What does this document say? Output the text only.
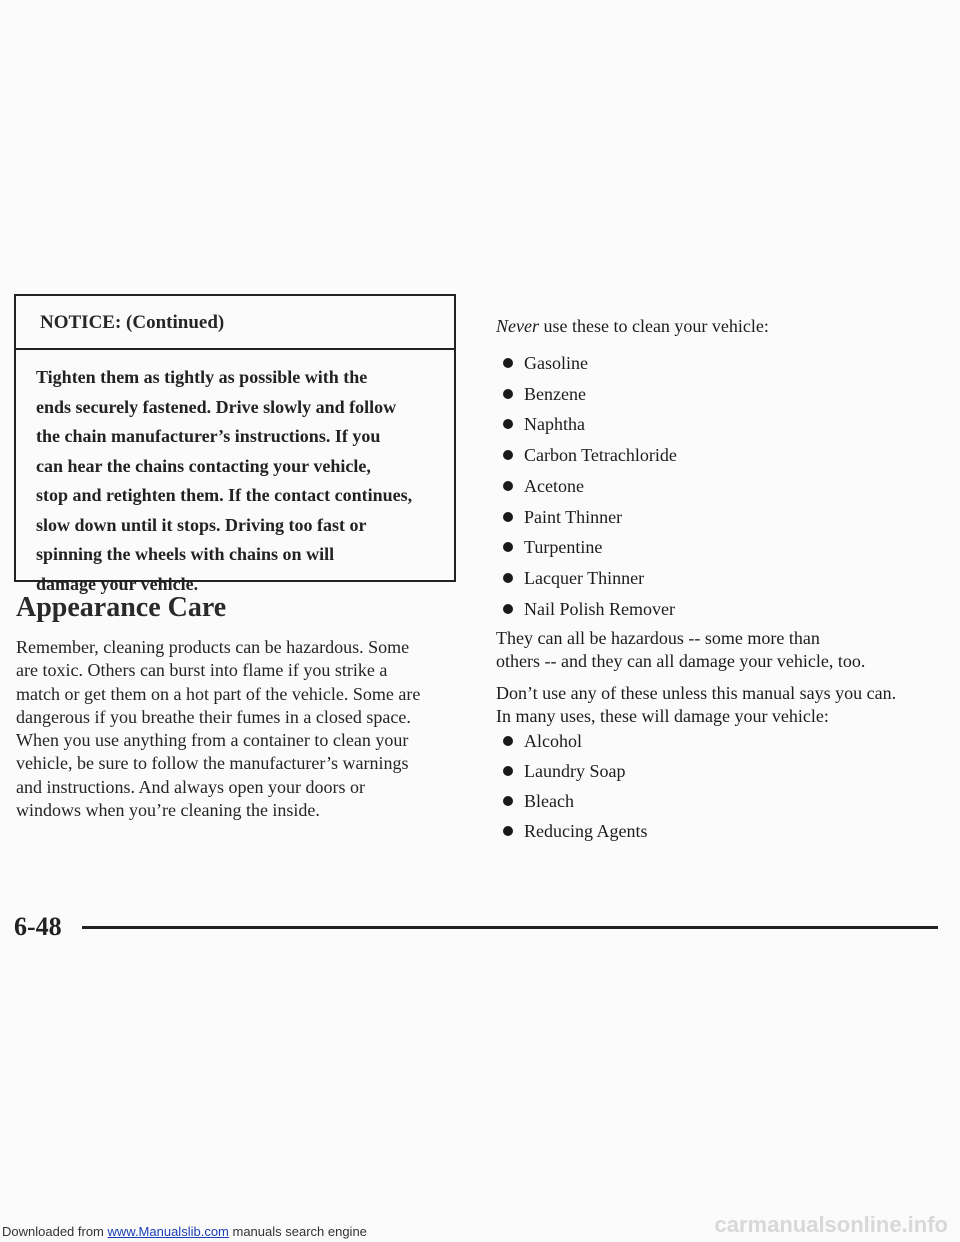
NOTICE: (Continued)
Tighten them as tightly as possible with the
ends securely fastened. Drive slowly and follow
the chain manufacturer’s instructions. If you
can hear the chains contacting your vehicle,
stop and retighten them. If the contact continues,
slow down until it stops. Driving too fast or
spinning the wheels with chains on will
damage your vehicle.
Appearance Care
Remember, cleaning products can be hazardous. Some
are toxic. Others can burst into flame if you strike a
match or get them on a hot part of the vehicle. Some are
dangerous if you breathe their fumes in a closed space.
When you use anything from a container to clean your
vehicle, be sure to follow the manufacturer’s warnings
and instructions. And always open your doors or
windows when you’re cleaning the inside.
Never use these to clean your vehicle:
Gasoline
Benzene
Naphtha
Carbon Tetrachloride
Acetone
Paint Thinner
Turpentine
Lacquer Thinner
Nail Polish Remover
They can all be hazardous -- some more than
others -- and they can all damage your vehicle, too.
Don’t use any of these unless this manual says you can.
In many uses, these will damage your vehicle:
Alcohol
Laundry Soap
Bleach
Reducing Agents
6-48
Downloaded from www.Manualslib.com manuals search engine	carmanualsonline.info
